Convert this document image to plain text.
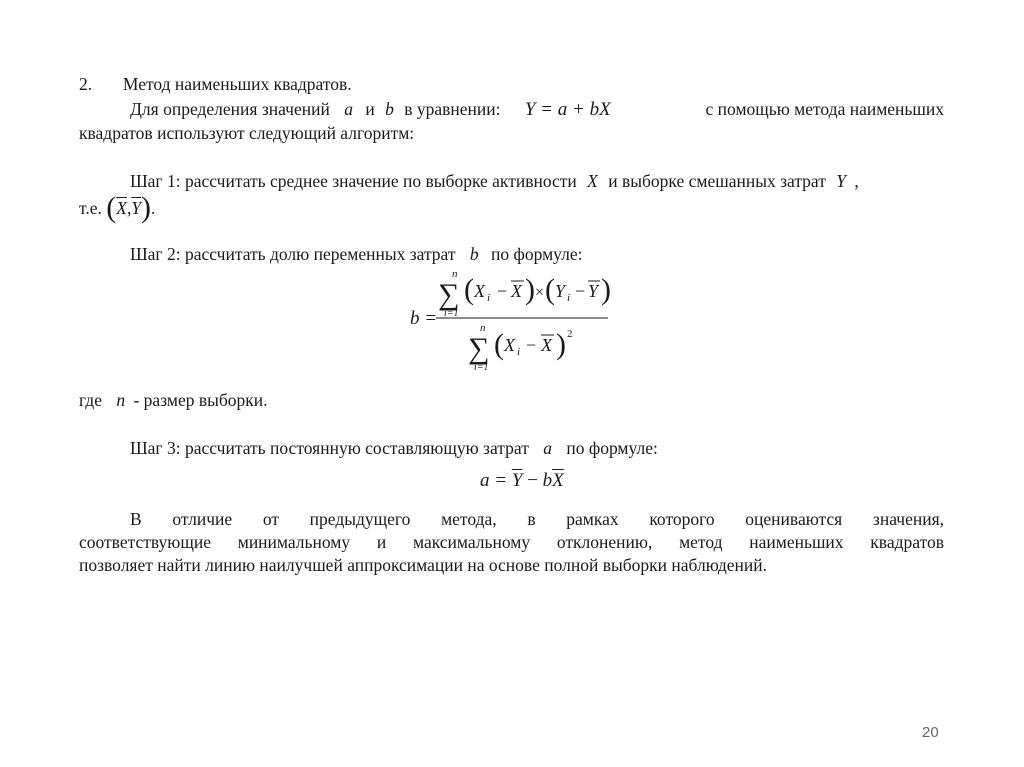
2. Метод наименьших квадратов.
Для определения значений a и b в уравнении: Y = a + bX	с помощью метода наименьших
квадратов используют следующий алгоритм:
Шаг 1: рассчитать среднее значение по выборке активности X и выборке смешанных затрат Y ,
т.е. $(\overline{X},\overline{Y})$.
Шаг 2: рассчитать долю переменных затрат b по формуле:
b =
n
∑
i=1
( X i − X ) × ( Y i − Y )
n
∑
i=1
( X i − X ) 2
где n - размер выборки.
Шаг 3: рассчитать постоянную составляющую затрат a по формуле:
$a = \overline{Y} - b\overline{X}$
В отличие от предыдущего метода, в рамках которого оцениваются значения,
соответствующие минимальному и максимальному отклонению, метод наименьших квадратов
позволяет найти линию наилучшей аппроксимации на основе полной выборки наблюдений.
20
